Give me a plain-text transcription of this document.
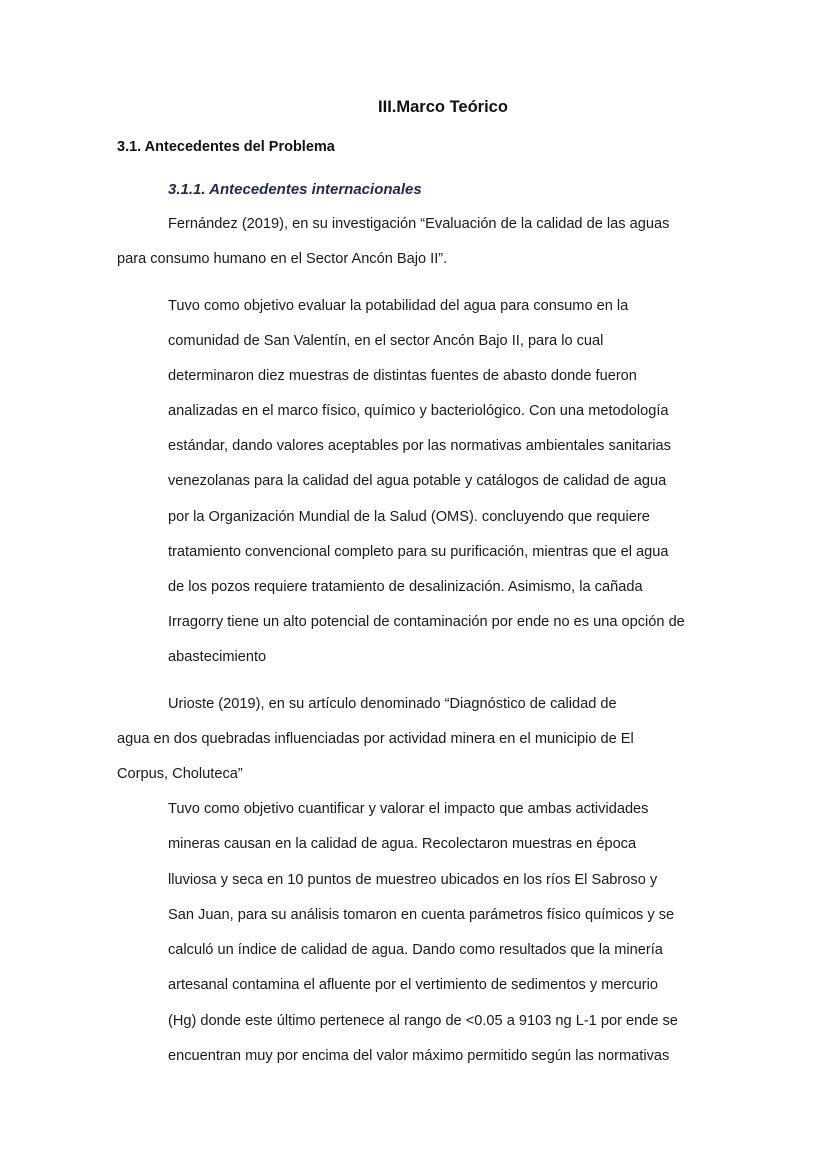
III.Marco Teórico
3.1. Antecedentes del Problema
3.1.1. Antecedentes internacionales
Fernández (2019), en su investigación “Evaluación de la calidad de las aguas
para consumo humano en el Sector Ancón Bajo II”.
Tuvo como objetivo evaluar la potabilidad del agua para consumo en la
comunidad de San Valentín, en el sector Ancón Bajo II, para lo cual
determinaron diez muestras de distintas fuentes de abasto donde fueron
analizadas en el marco físico, químico y bacteriológico. Con una metodología
estándar, dando valores aceptables por las normativas ambientales sanitarias
venezolanas para la calidad del agua potable y catálogos de calidad de agua
por la Organización Mundial de la Salud (OMS). concluyendo que requiere
tratamiento convencional completo para su purificación, mientras que el agua
de los pozos requiere tratamiento de desalinización. Asimismo, la cañada
Irragorry tiene un alto potencial de contaminación por ende no es una opción de
abastecimiento
Urioste (2019), en su artículo denominado “Diagnóstico de calidad de
agua en dos quebradas influenciadas por actividad minera en el municipio de El
Corpus, Choluteca”
Tuvo como objetivo cuantificar y valorar el impacto que ambas actividades
mineras causan en la calidad de agua. Recolectaron muestras en época
lluviosa y seca en 10 puntos de muestreo ubicados en los ríos El Sabroso y
San Juan, para su análisis tomaron en cuenta parámetros físico químicos y se
calculó un índice de calidad de agua. Dando como resultados que la minería
artesanal contamina el afluente por el vertimiento de sedimentos y mercurio
(Hg) donde este último pertenece al rango de <0.05 a 9103 ng L-1 por ende se
encuentran muy por encima del valor máximo permitido según las normativas
